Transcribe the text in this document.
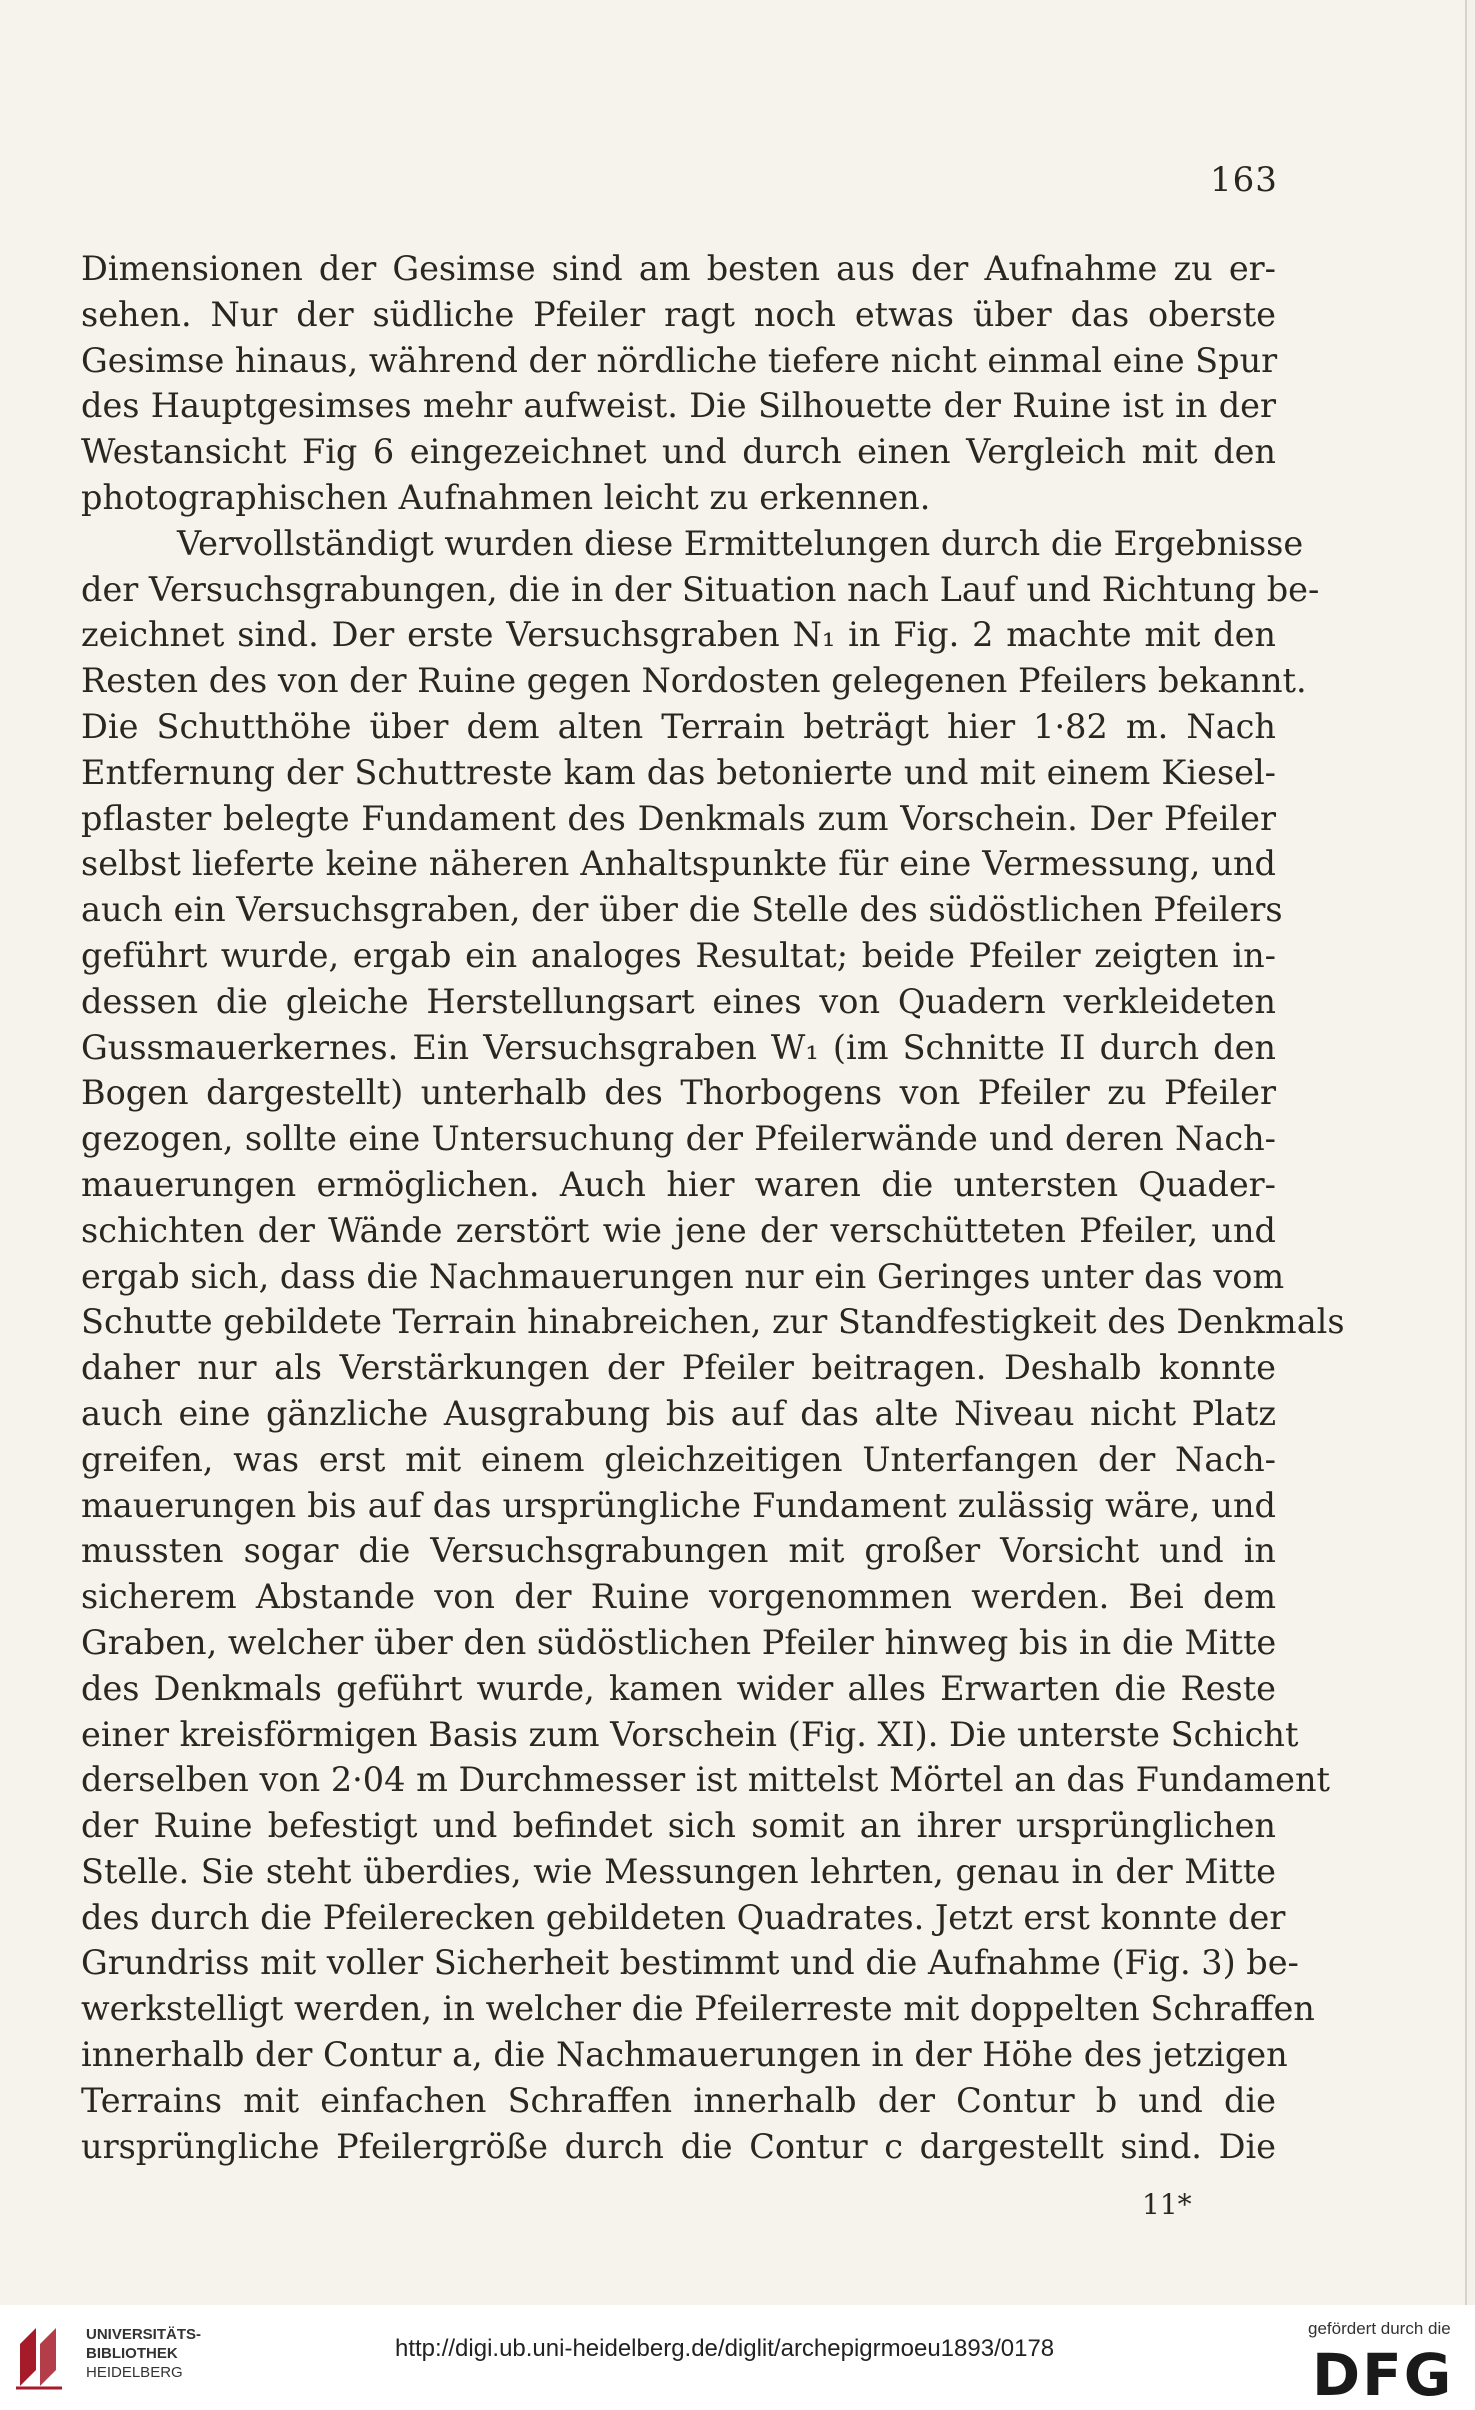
163
Dimensionen der Gesimse sind am besten aus der Aufnahme zu er-
sehen. Nur der südliche Pfeiler ragt noch etwas über das oberste
Gesimse hinaus, während der nördliche tiefere nicht einmal eine Spur
des Hauptgesimses mehr aufweist. Die Silhouette der Ruine ist in der
Westansicht Fig 6 eingezeichnet und durch einen Vergleich mit den
photographischen Aufnahmen leicht zu erkennen.
Vervollständigt wurden diese Ermittelungen durch die Ergebnisse
der Versuchsgrabungen, die in der Situation nach Lauf und Richtung be-
zeichnet sind. Der erste Versuchsgraben N₁ in Fig. 2 machte mit den
Resten des von der Ruine gegen Nordosten gelegenen Pfeilers bekannt.
Die Schutthöhe über dem alten Terrain beträgt hier 1·82 m. Nach
Entfernung der Schuttreste kam das betonierte und mit einem Kiesel-
pflaster belegte Fundament des Denkmals zum Vorschein. Der Pfeiler
selbst lieferte keine näheren Anhaltspunkte für eine Vermessung, und
auch ein Versuchsgraben, der über die Stelle des südöstlichen Pfeilers
geführt wurde, ergab ein analoges Resultat; beide Pfeiler zeigten in-
dessen die gleiche Herstellungsart eines von Quadern verkleideten
Gussmauerkernes. Ein Versuchsgraben W₁ (im Schnitte II durch den
Bogen dargestellt) unterhalb des Thorbogens von Pfeiler zu Pfeiler
gezogen, sollte eine Untersuchung der Pfeilerwände und deren Nach-
mauerungen ermöglichen. Auch hier waren die untersten Quader-
schichten der Wände zerstört wie jene der verschütteten Pfeiler, und
ergab sich, dass die Nachmauerungen nur ein Geringes unter das vom
Schutte gebildete Terrain hinabreichen, zur Standfestigkeit des Denkmals
daher nur als Verstärkungen der Pfeiler beitragen. Deshalb konnte
auch eine gänzliche Ausgrabung bis auf das alte Niveau nicht Platz
greifen, was erst mit einem gleichzeitigen Unterfangen der Nach-
mauerungen bis auf das ursprüngliche Fundament zulässig wäre, und
mussten sogar die Versuchsgrabungen mit großer Vorsicht und in
sicherem Abstande von der Ruine vorgenommen werden. Bei dem
Graben, welcher über den südöstlichen Pfeiler hinweg bis in die Mitte
des Denkmals geführt wurde, kamen wider alles Erwarten die Reste
einer kreisförmigen Basis zum Vorschein (Fig. XI). Die unterste Schicht
derselben von 2·04 m Durchmesser ist mittelst Mörtel an das Fundament
der Ruine befestigt und befindet sich somit an ihrer ursprünglichen
Stelle. Sie steht überdies, wie Messungen lehrten, genau in der Mitte
des durch die Pfeilerecken gebildeten Quadrates. Jetzt erst konnte der
Grundriss mit voller Sicherheit bestimmt und die Aufnahme (Fig. 3) be-
werkstelligt werden, in welcher die Pfeilerreste mit doppelten Schraffen
innerhalb der Contur a, die Nachmauerungen in der Höhe des jetzigen
Terrains mit einfachen Schraffen innerhalb der Contur b und die
ursprüngliche Pfeilergröße durch die Contur c dargestellt sind. Die
11*
UNIVERSITÄTS-
BIBLIOTHEK
HEIDELBERG
http://digi.ub.uni-heidelberg.de/diglit/archepigrmoeu1893/0178
gefördert durch die
DFG
